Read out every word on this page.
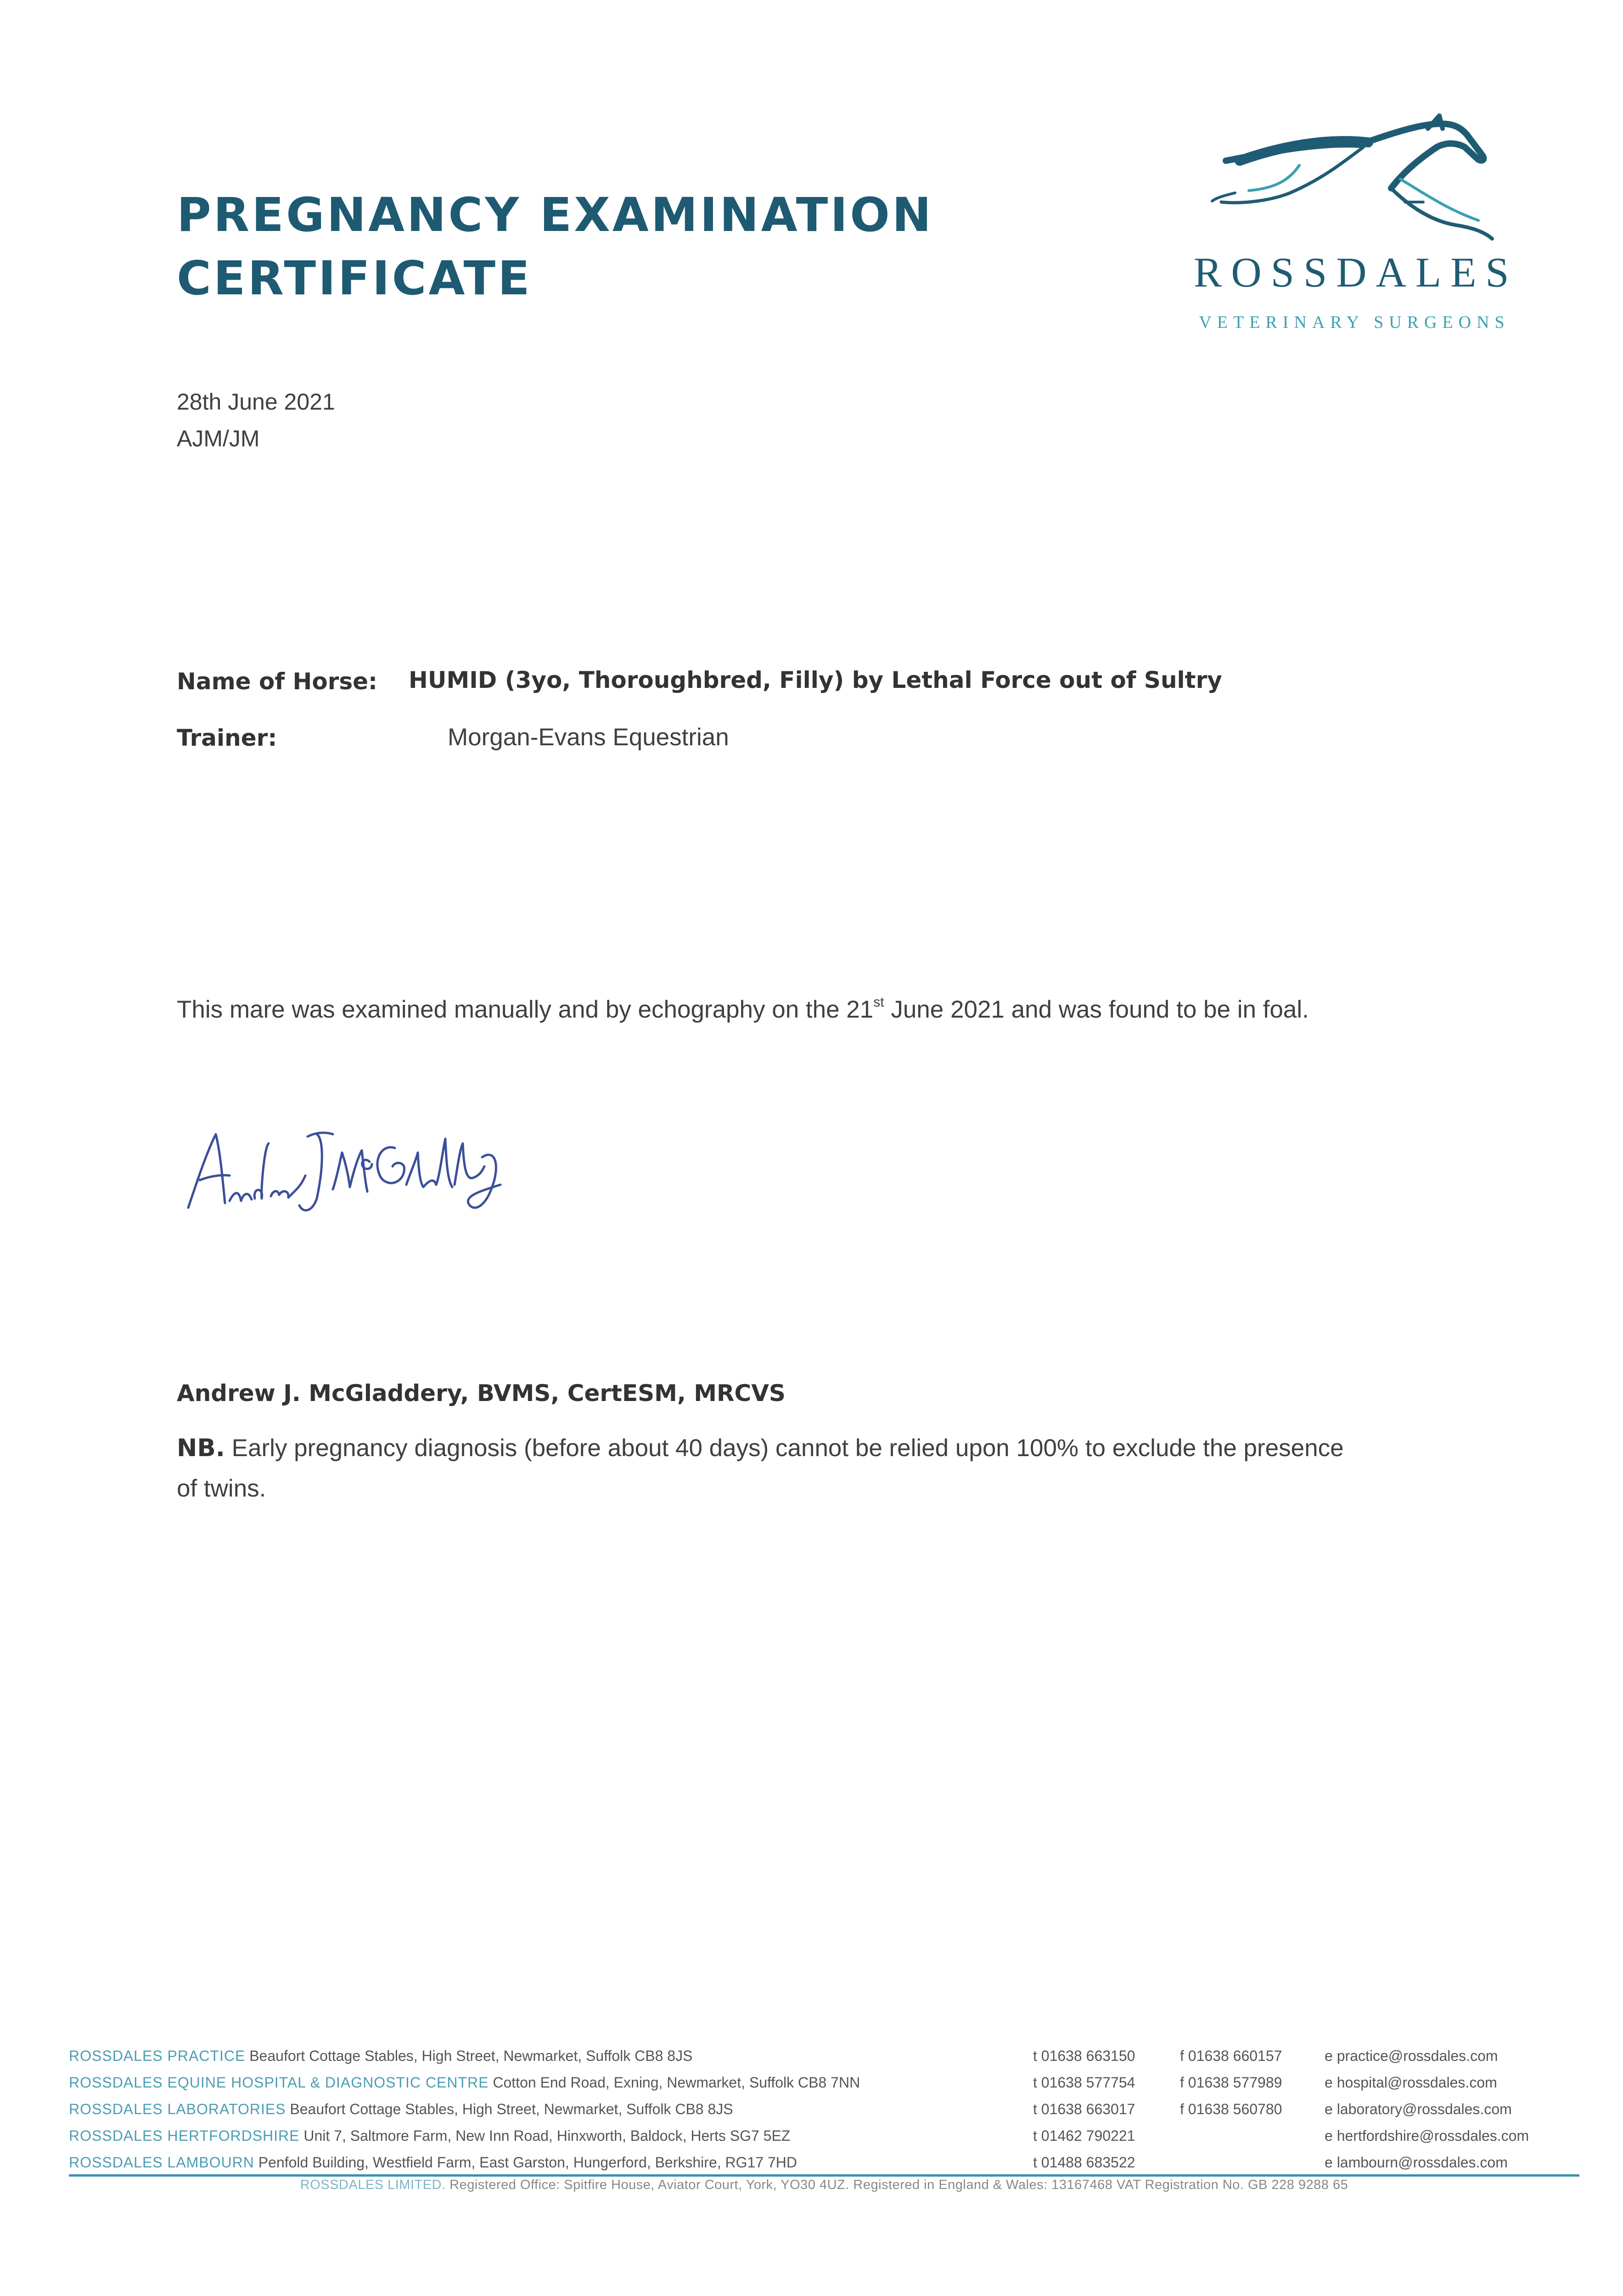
PREGNANCY EXAMINATION
CERTIFICATE	ROSSDALES
VETERINARY SURGEONS
28th June 2021
AJM/JM
Name of Horse: HUMID (3yo, Thoroughbred, Filly) by Lethal Force out of Sultry
Trainer:	Morgan-Evans Equestrian
This mare was examined manually and by echography on the 21st June 2021 and was found to be in foal.
Andrew J. McGladdery, BVMS, CertESM, MRCVS
NB. Early pregnancy diagnosis (before about 40 days) cannot be relied upon 100% to exclude the presence of twins.
ROSSDALES PRACTICE Beaufort Cottage Stables, High Street, Newmarket, Suffolk CB8 8JS
ROSSDALES EQUINE HOSPITAL & DIAGNOSTIC CENTRE Cotton End Road, Exning, Newmarket, Suffolk CB8 7NN
ROSSDALES LABORATORIES Beaufort Cottage Stables, High Street, Newmarket, Suffolk CB8 8JS
ROSSDALES HERTFORDSHIRE Unit 7, Saltmore Farm, New Inn Road, Hinxworth, Baldock, Herts SG7 5EZ
ROSSDALES LAMBOURN Penfold Building, Westfield Farm, East Garston, Hungerford, Berkshire, RG17 7HD
t 01638 663150
t 01638 577754
t 01638 663017
t 01462 790221
t 01488 683522
f 01638 660157
f 01638 577989
f 01638 560780
e practice@rossdales.com
e hospital@rossdales.com
e laboratory@rossdales.com
e hertfordshire@rossdales.com
e lambourn@rossdales.com
ROSSDALES LIMITED. Registered Office: Spitfire House, Aviator Court, York, YO30 4UZ. Registered in England & Wales: 13167468 VAT Registration No. GB 228 9288 65
